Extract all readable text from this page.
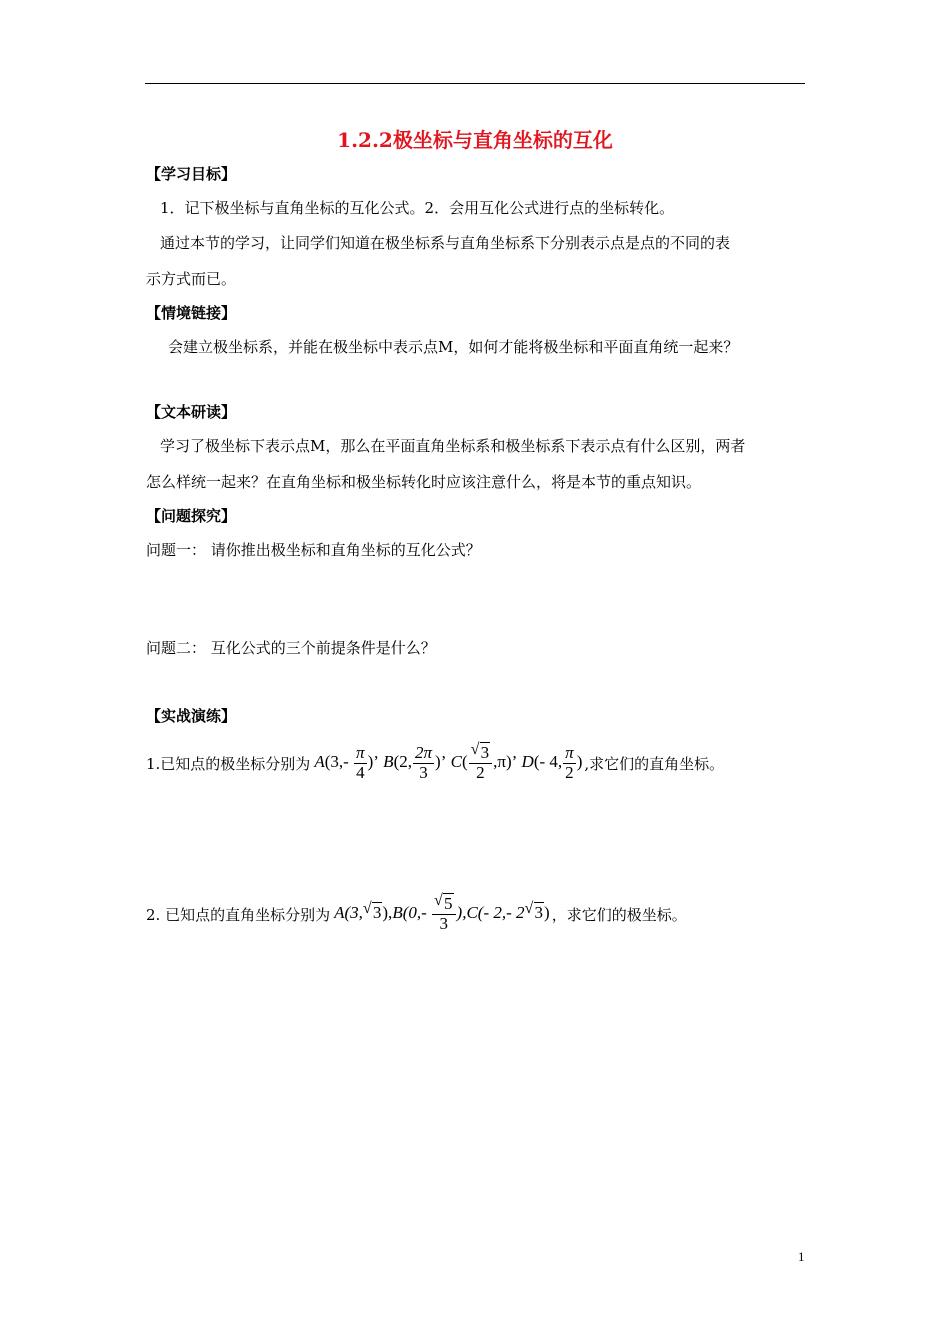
1.2.2极坐标与直角坐标的互化
【学习目标】
1．记下极坐标与直角坐标的互化公式。2．会用互化公式进行点的坐标转化。
通过本节的学习，让同学们知道在极坐标系与直角坐标系下分别表示点是点的不同的表
示方式而已。
【情境链接】
会建立极坐标系，并能在极坐标中表示点M，如何才能将极坐标和平面直角统一起来？
【文本研读】
学习了极坐标下表示点M，那么在平面直角坐标系和极坐标系下表示点有什么区别，两者
怎么样统一起来？在直角坐标和极坐标转化时应该注意什么，将是本节的重点知识。
【问题探究】
问题一： 请你推出极坐标和直角坐标的互化公式？
问题二： 互化公式的三个前提条件是什么？
【实战演练】
1.已知点的极坐标分别为 $A(3,- \frac{\pi}{4}$ )’ B(2, $\frac{2\pi}{3}$ )’ $C( \frac{√ 3}{2} ,\pi)$’ D(- 4, $\frac{\pi}{2}$ ) ,求它们的直角坐标。
2. 已知点的直角坐标分别为 A(3, √ $3),B(0,- \frac{√ 5}{3} ),C(-$ 2,- 2 √ 3) ，求它们的极坐标。
1
